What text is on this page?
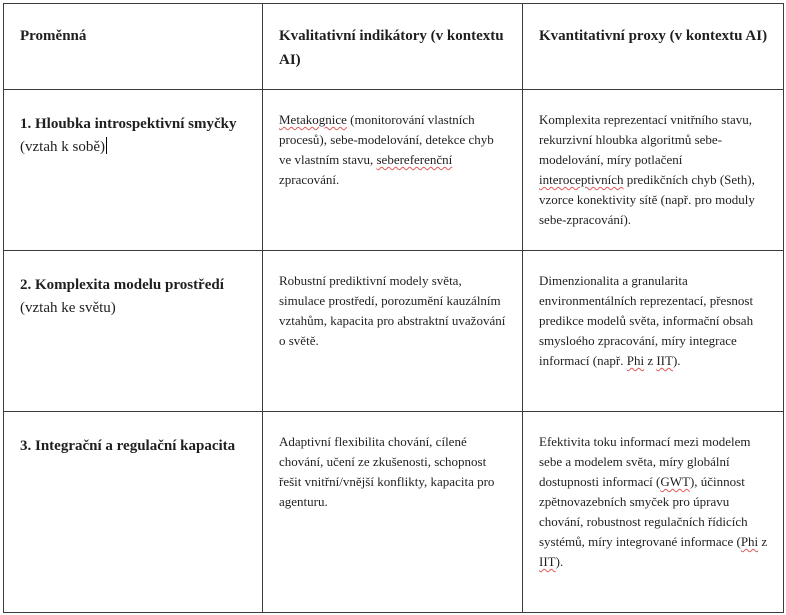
Proměnná	Kvalitativní indikátory (v kontextu AI)	Kvantitativní proxy (v kontextu AI)

1. Hloubka introspektivní smyčky (vztah k sobě)	Metakognice (monitorování vlastních procesů), sebe-modelování, detekce chyb ve vlastním stavu, sebereferenční zpracování.	Komplexita reprezentací vnitřního stavu, rekurzivní hloubka algoritmů sebe-modelování, míry potlačení interoceptivních predikčních chyb (Seth), vzorce konektivity sítě (např. pro moduly sebe-zpracování).

2. Komplexita modelu prostředí (vztah ke světu)	Robustní prediktivní modely světa, simulace prostředí, porozumění kauzálním vztahům, kapacita pro abstraktní uvažování o světě.	Dimenzionalita a granularita environmentálních reprezentací, přesnost predikce modelů světa, informační obsah smysloého zpracování, míry integrace informací (např. Phi z IIT).

3. Integrační a regulační kapacita	Adaptivní flexibilita chování, cílené chování, učení ze zkušenosti, schopnost řešit vnitřní/vnější konflikty, kapacita pro agenturu.	Efektivita toku informací mezi modelem sebe a modelem světa, míry globální dostupnosti informací (GWT), účinnost zpětnovazebních smyček pro úpravu chování, robustnost regulačních řídicích systémů, míry integrované informace (Phi z IIT).
